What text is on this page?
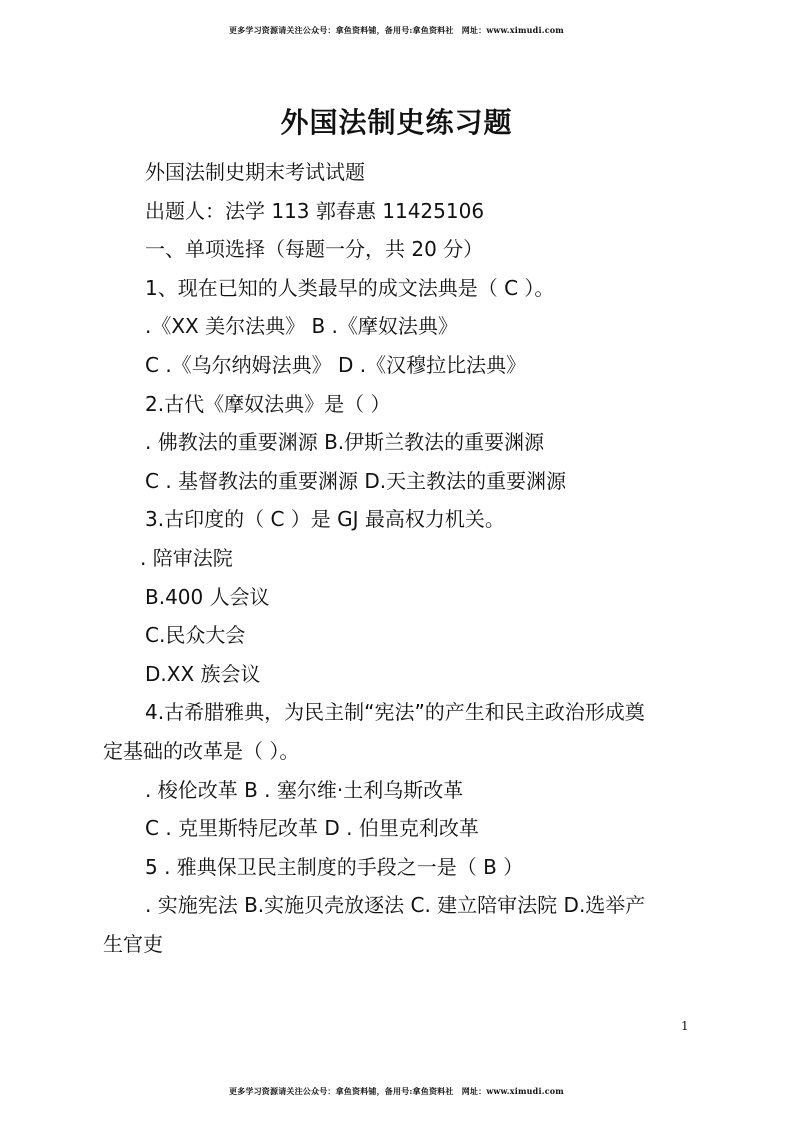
更多学习资源请关注公众号：拿鱼资料铺，备用号:拿鱼资料社　网址：www.ximudi.com
外国法制史练习题
外国法制史期末考试试题
出题人：法学 113 郭春惠 11425106
一、单项选择（每题一分，共 20 分）
1、现在已知的人类最早的成文法典是（ C ）。
.《XX 美尔法典》 B .《摩奴法典》
C .《乌尔纳姆法典》 D .《汉穆拉比法典》
2.古代《摩奴法典》是（ ）
. 佛教法的重要渊源 B.伊斯兰教法的重要渊源
C . 基督教法的重要渊源 D.天主教法的重要渊源
3.古印度的（ C ）是 GJ 最高权力机关。
. 陪审法院
B.400 人会议
C.民众大会
D.XX 族会议
4.古希腊雅典，为民主制“宪法”的产生和民主政治形成奠
定基础的改革是（ ）。
. 梭伦改革 B . 塞尔维·土利乌斯改革
C . 克里斯特尼改革 D . 伯里克利改革
5 . 雅典保卫民主制度的手段之一是（ B ）
. 实施宪法 B.实施贝壳放逐法 C. 建立陪审法院 D.选举产
生官吏
1
更多学习资源请关注公众号：拿鱼资料铺，备用号:拿鱼资料社　网址：www.ximudi.com
